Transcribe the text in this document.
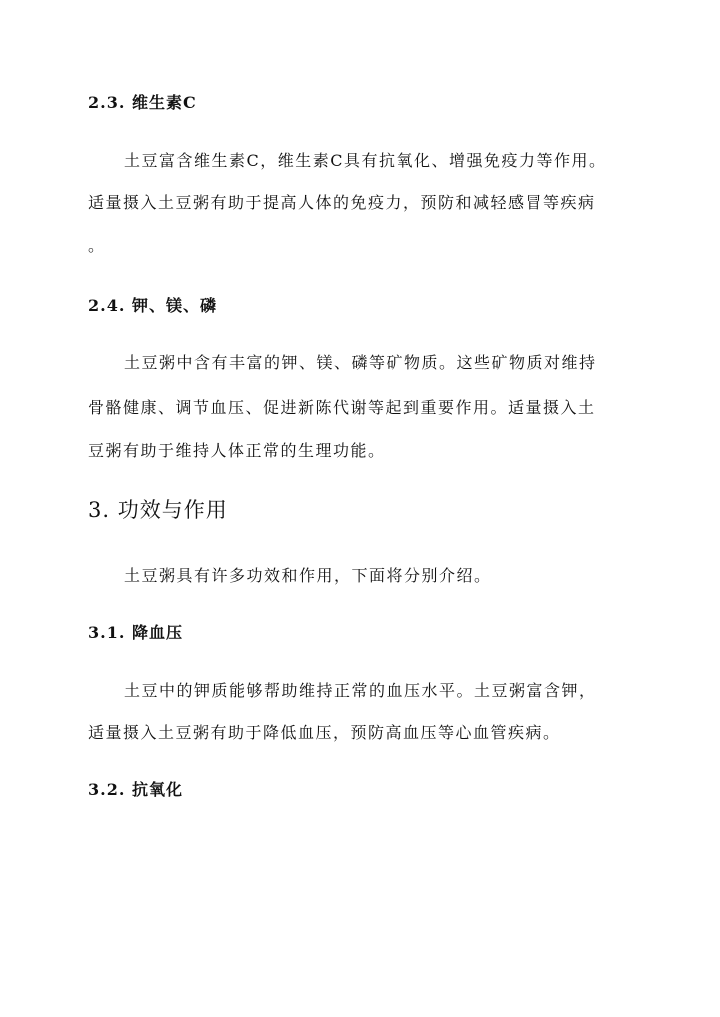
2.3. 维生素C
土豆富含维生素C，维生素C具有抗氧化、增强免疫力等作用。
适量摄入土豆粥有助于提高人体的免疫力，预防和减轻感冒等疾病
。
2.4. 钾、镁、磷
土豆粥中含有丰富的钾、镁、磷等矿物质。这些矿物质对维持
骨骼健康、调节血压、促进新陈代谢等起到重要作用。适量摄入土
豆粥有助于维持人体正常的生理功能。
3. 功效与作用
土豆粥具有许多功效和作用，下面将分别介绍。
3.1. 降血压
土豆中的钾质能够帮助维持正常的血压水平。土豆粥富含钾，
适量摄入土豆粥有助于降低血压，预防高血压等心血管疾病。
3.2. 抗氧化
